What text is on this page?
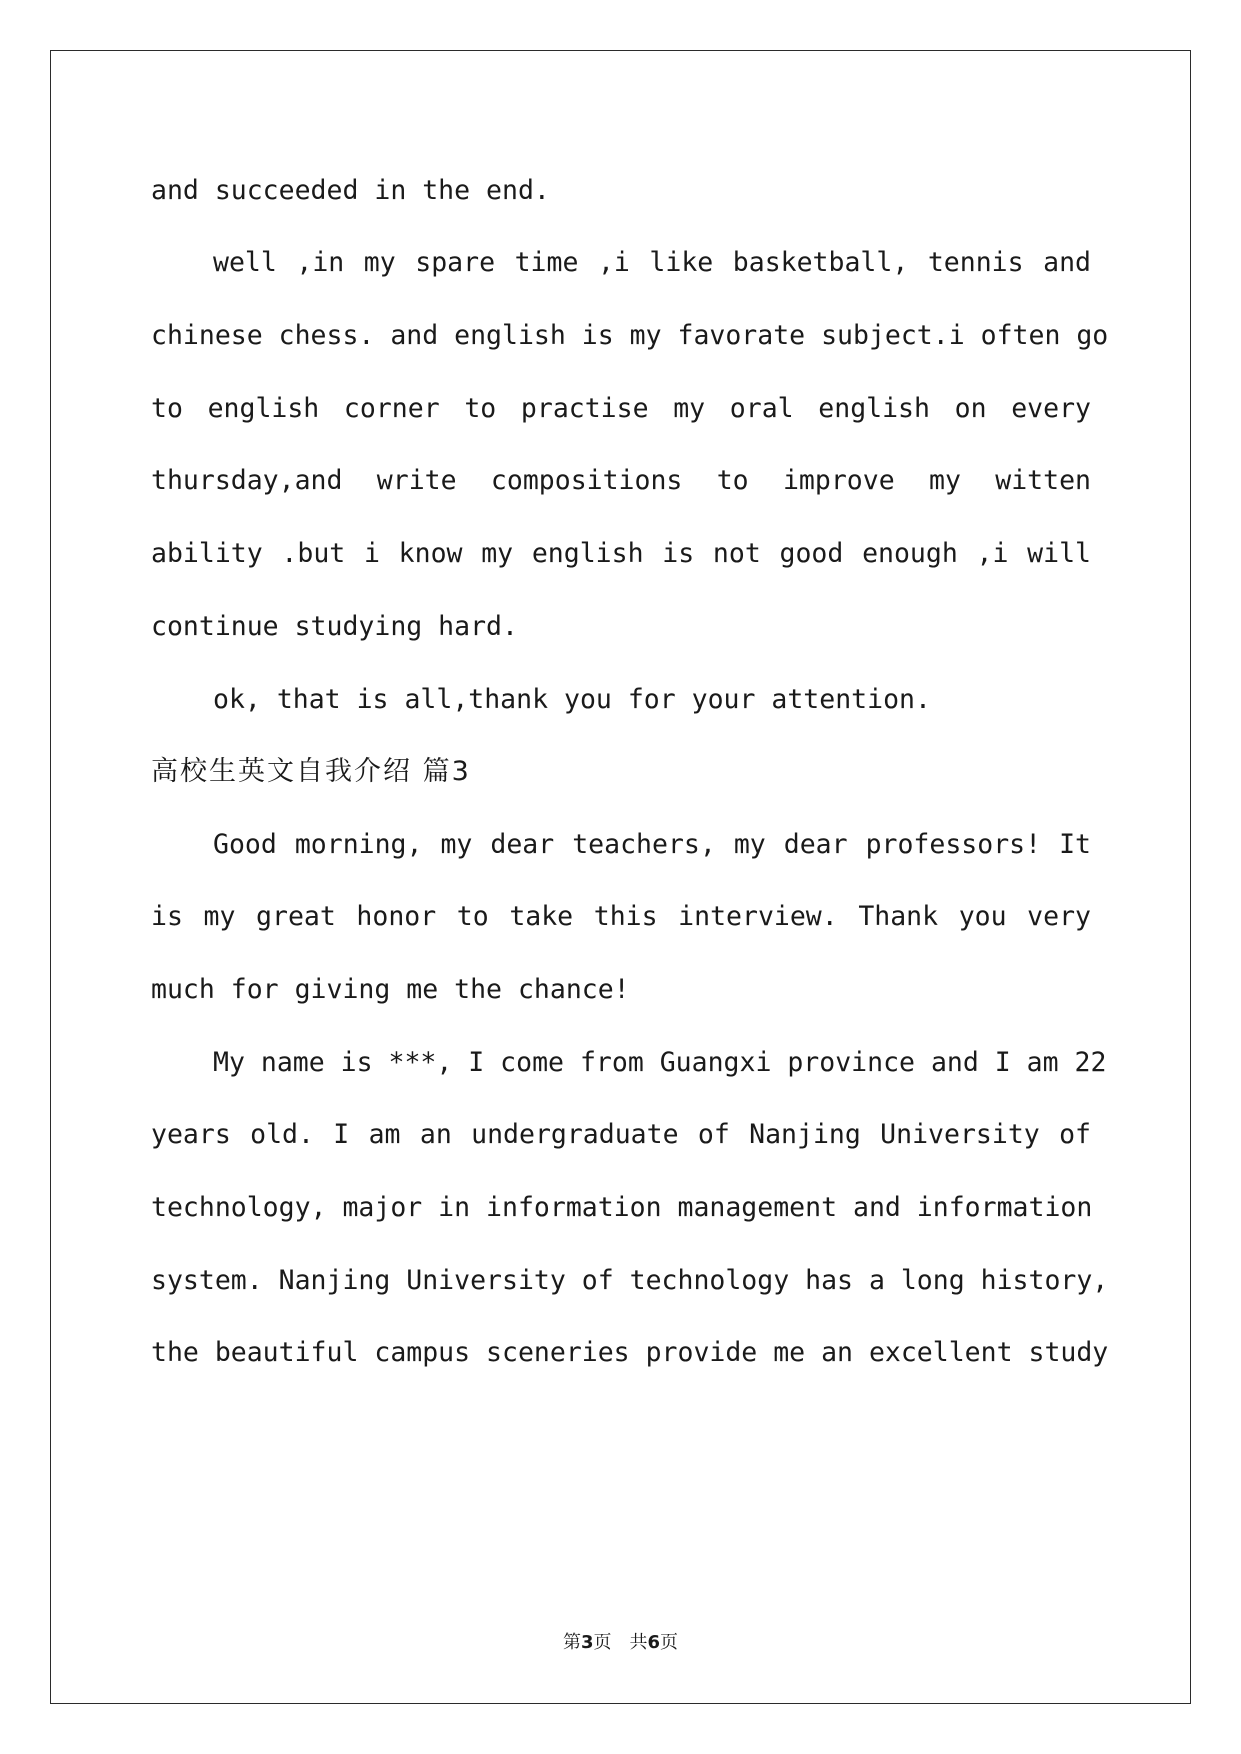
and succeeded in the end.
well ,in my spare time ,i like basketball, tennis and
chinese chess. and english is my favorate subject.i often go
to english corner to practise my oral english on every
thursday,and write compositions to improve my witten
ability .but i know my english is not good enough ,i will
continue studying hard.
ok, that is all,thank you for your attention.
高校生英文自我介绍 篇3
Good morning, my dear teachers, my dear professors! It
is my great honor to take this interview. Thank you very
much for giving me the chance!
My name is ***, I come from Guangxi province and I am 22
years old. I am an undergraduate of Nanjing University of
technology, major in information management and information
system. Nanjing University of technology has a long history,
the beautiful campus sceneries provide me an excellent study
第3页　共6页
